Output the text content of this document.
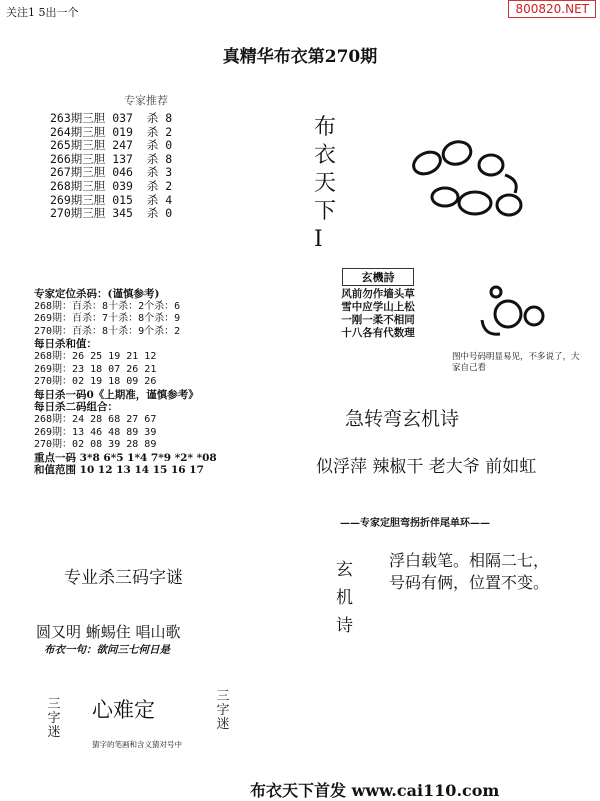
关注1 5出一个	800820.NET
真精华布衣第270期
专家推荐
263期三胆 037  杀 8
264期三胆 019  杀 2
265期三胆 247  杀 0
266期三胆 137  杀 8
267期三胆 046  杀 3
268期三胆 039  杀 2
269期三胆 015  杀 4
270期三胆 345  杀 0
专家定位杀码：(谨慎参考)
268期：百杀：8十杀：2个杀：6
269期：百杀：7十杀：8个杀：9
270期：百杀：8十杀：9个杀：2
每日杀和值：
268期：26 25 19 21 12
269期：23 18 07 26 21
270期：02 19 18 09 26
每日杀一码0《上期准，谨慎参考》
每日杀二码组合：
268期：24 28 68 27 67
269期：13 46 48 89 39
270期：02 08 39 28 89
重点一码 3*8 6*5 1*4 7*9 *2* *08
和值范围 10 12 13 14 15 16 17
布
衣
天
下
I
玄機詩
风前勿作墙头草
雪中应学山上松
一刚一柔不相同
十八各有代数理
图中号码明显易见，不多说了，大家自己看
急转弯玄机诗
似浮萍 辣椒干 老大爷 前如虹
——专家定胆弯拐折伴尾单环——
玄
机
诗
浮白载笔。相隔二七，
号码有俩，位置不变。
专业杀三码字谜
圆又明 蜥蜴住 唱山歌
布衣一句：欲问三七何日是
三
字
迷
心难定
三
字
迷
猜字的笔画和含义猜对号中
布衣天下首发 www.cai110.com
